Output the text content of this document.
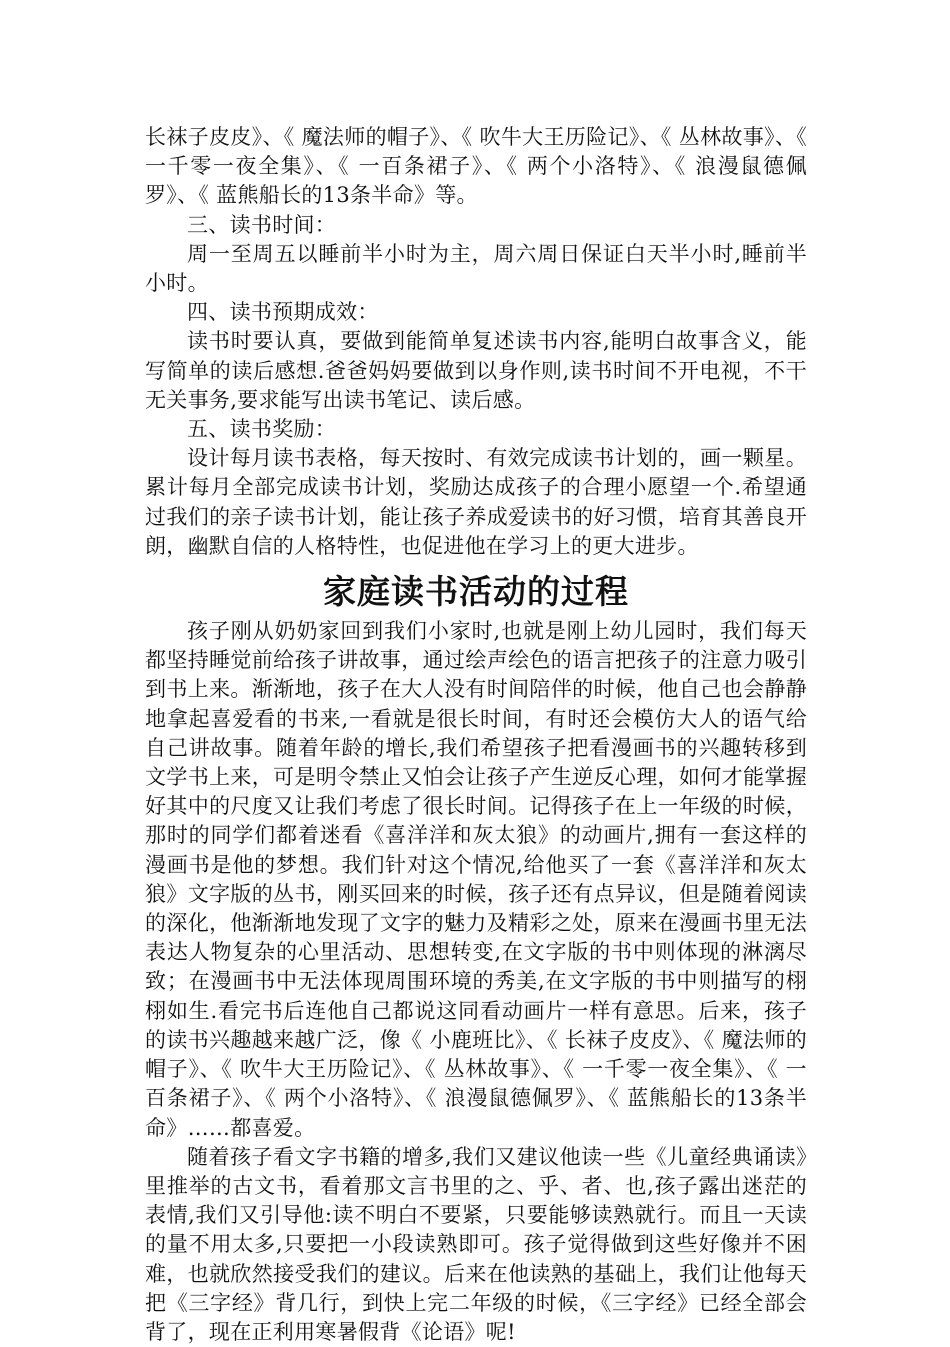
长袜子皮皮》、《 魔法师的帽子》、《 吹牛大王历险记》、《 丛林故事》、《 一千零一夜全集》、《 一百条裙子》、《 两个小洛特》、《 浪漫鼠德佩罗》、《 蓝熊船长的13条半命》等。

三、读书时间：

周一至周五以睡前半小时为主，周六周日保证白天半小时,睡前半小时。

四、读书预期成效：

读书时要认真，要做到能简单复述读书内容,能明白故事含义，能写简单的读后感想.爸爸妈妈要做到以身作则,读书时间不开电视，不干无关事务,要求能写出读书笔记、读后感。

五、读书奖励：

设计每月读书表格，每天按时、有效完成读书计划的，画一颗星。累计每月全部完成读书计划，奖励达成孩子的合理小愿望一个.希望通过我们的亲子读书计划，能让孩子养成爱读书的好习惯，培育其善良开朗，幽默自信的人格特性，也促进他在学习上的更大进步。

家庭读书活动的过程

孩子刚从奶奶家回到我们小家时,也就是刚上幼儿园时，我们每天都坚持睡觉前给孩子讲故事，通过绘声绘色的语言把孩子的注意力吸引到书上来。渐渐地，孩子在大人没有时间陪伴的时候，他自己也会静静地拿起喜爱看的书来,一看就是很长时间，有时还会模仿大人的语气给自己讲故事。随着年龄的增长,我们希望孩子把看漫画书的兴趣转移到文学书上来，可是明令禁止又怕会让孩子产生逆反心理，如何才能掌握好其中的尺度又让我们考虑了很长时间。记得孩子在上一年级的时候，那时的同学们都着迷看《喜洋洋和灰太狼》的动画片,拥有一套这样的漫画书是他的梦想。我们针对这个情况,给他买了一套《喜洋洋和灰太狼》文字版的丛书，刚买回来的时候，孩子还有点异议，但是随着阅读的深化，他渐渐地发现了文字的魅力及精彩之处，原来在漫画书里无法表达人物复杂的心里活动、思想转变,在文字版的书中则体现的淋漓尽致；在漫画书中无法体现周围环境的秀美,在文字版的书中则描写的栩栩如生.看完书后连他自己都说这同看动画片一样有意思。后来，孩子的读书兴趣越来越广泛，像《 小鹿班比》、《 长袜子皮皮》、《 魔法师的帽子》、《 吹牛大王历险记》、《 丛林故事》、《 一千零一夜全集》、《 一百条裙子》、《 两个小洛特》、《 浪漫鼠德佩罗》、《 蓝熊船长的13条半命》……都喜爱。

随着孩子看文字书籍的增多,我们又建议他读一些《儿童经典诵读》里推举的古文书，看着那文言书里的之、乎、者、也,孩子露出迷茫的表情,我们又引导他:读不明白不要紧，只要能够读熟就行。而且一天读的量不用太多,只要把一小段读熟即可。孩子觉得做到这些好像并不困难，也就欣然接受我们的建议。后来在他读熟的基础上，我们让他每天把《三字经》背几行，到快上完二年级的时候，《三字经》已经全部会背了，现在正利用寒暑假背《论语》呢!
